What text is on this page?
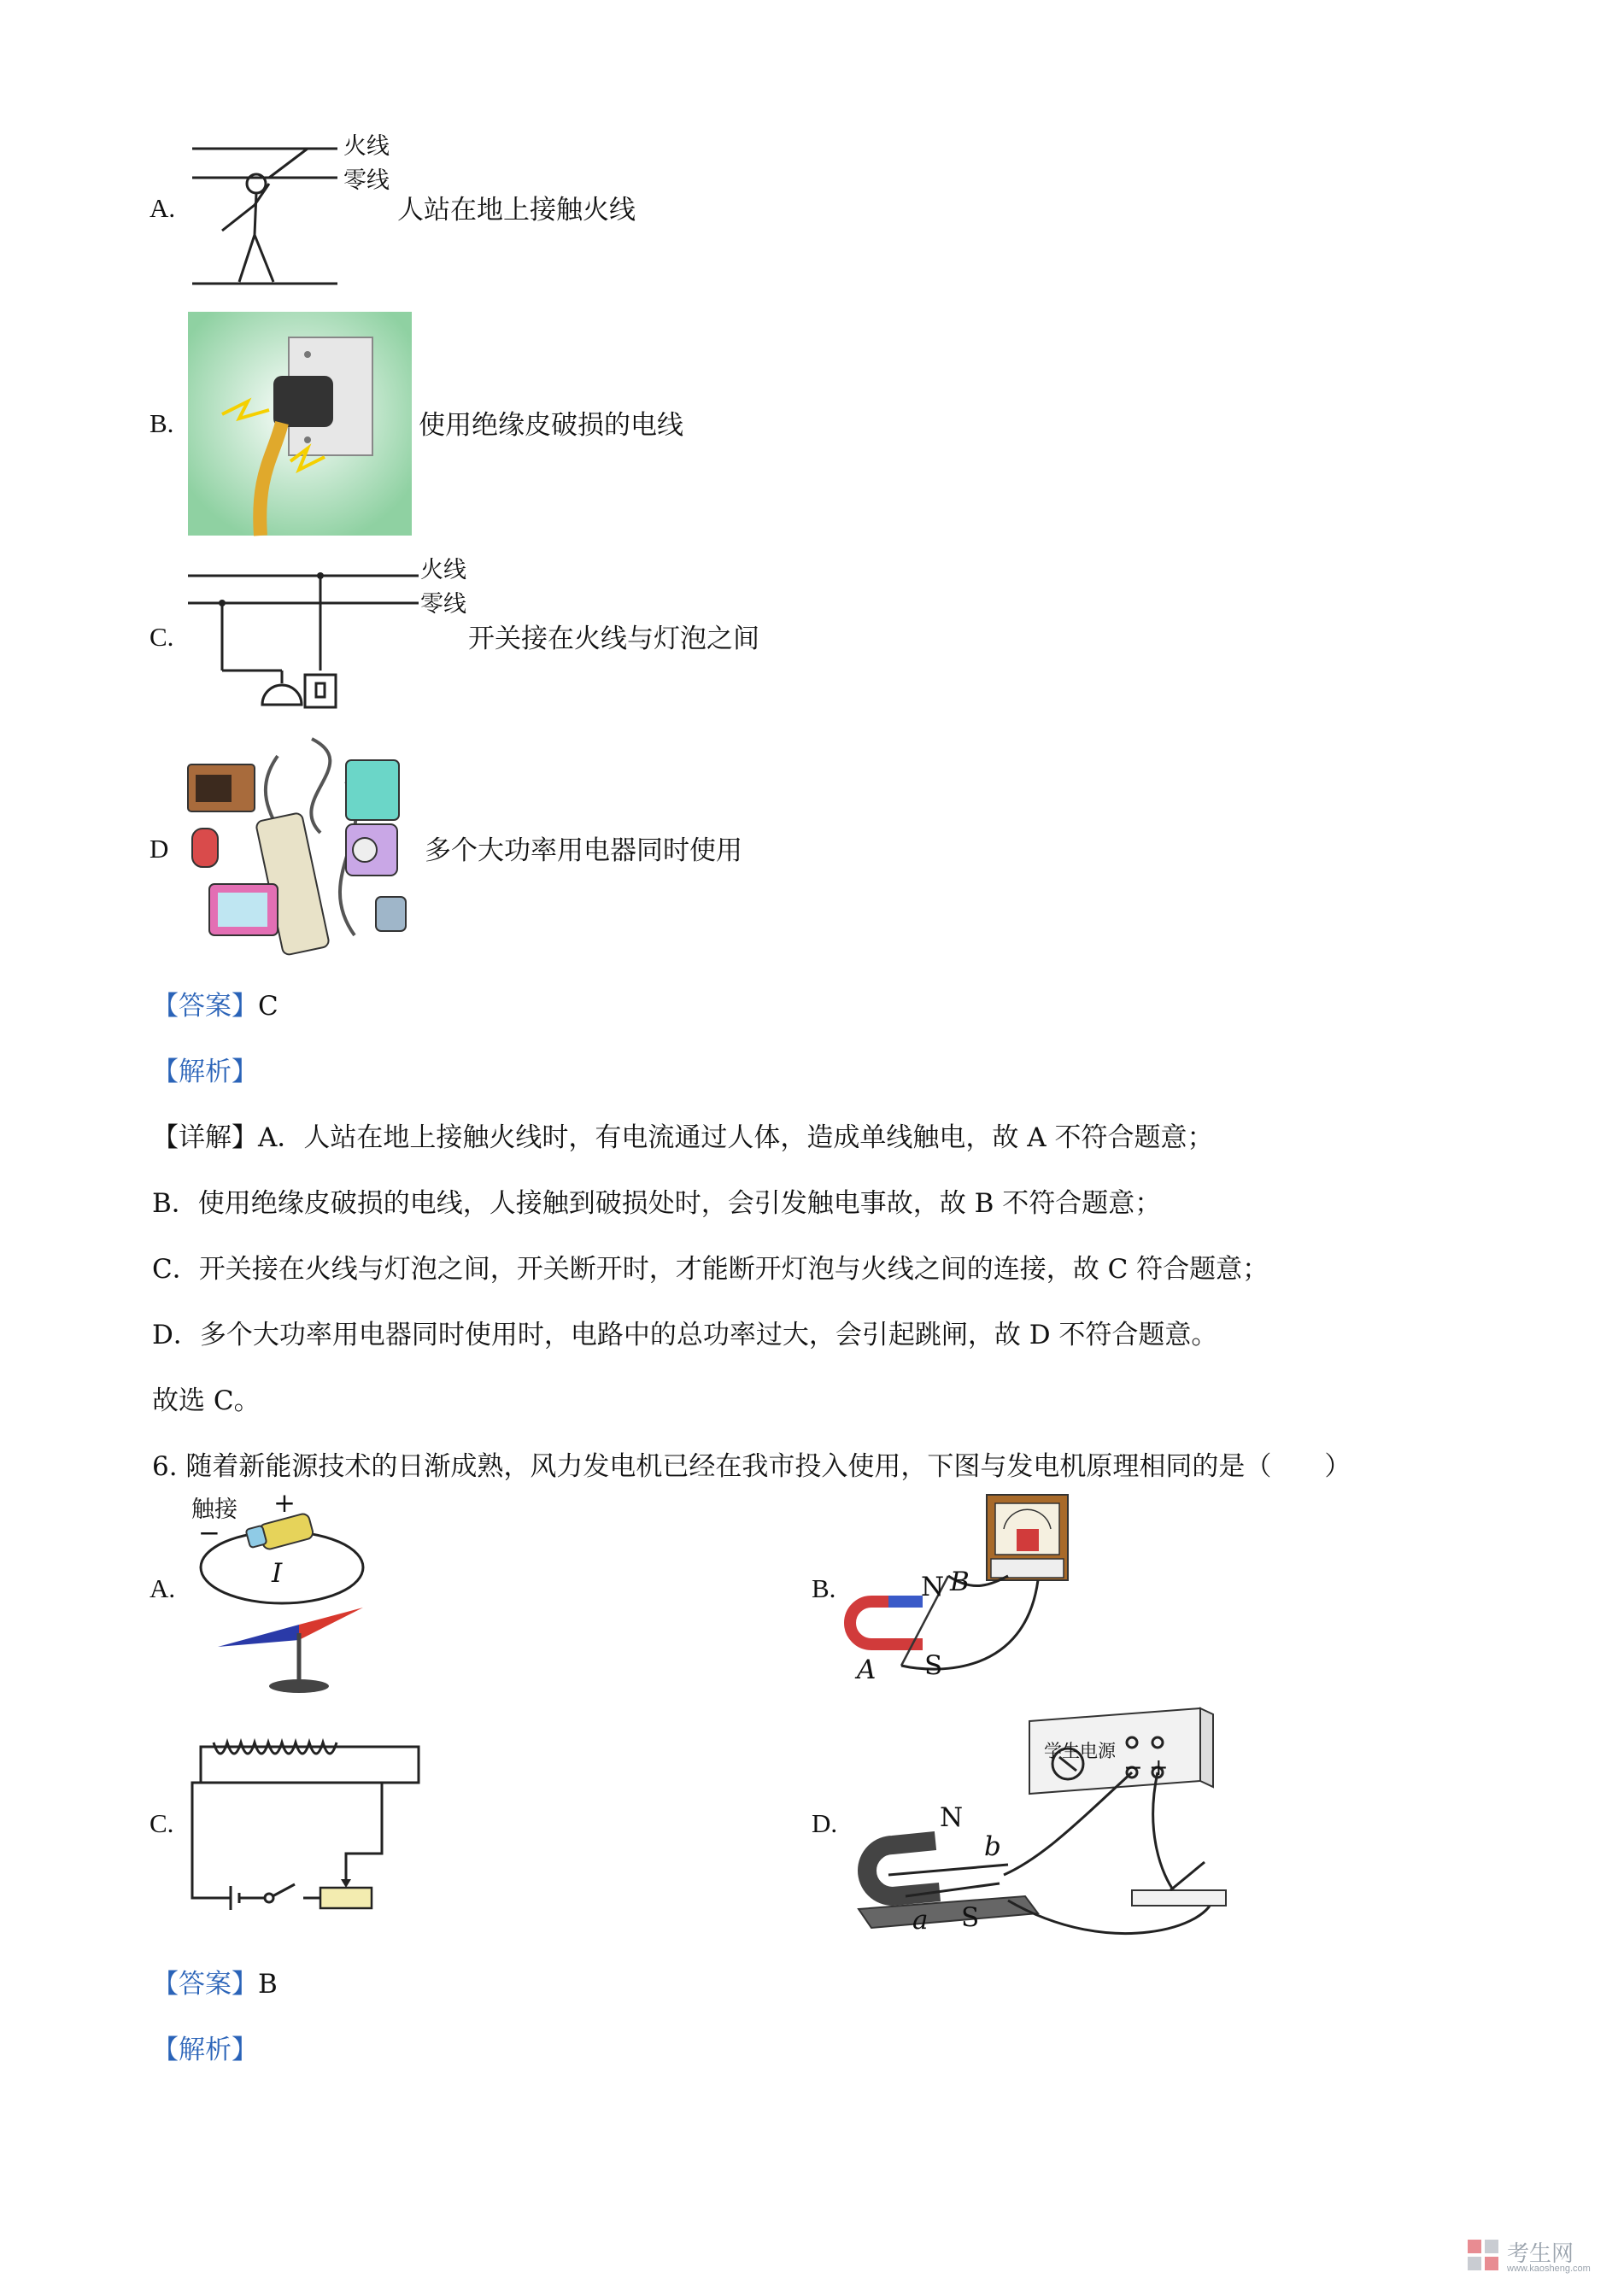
A.
火线
零线
人站在地上接触火线
B.	使用绝缘皮破损的电线
C.
火线
零线
开关接在火线与灯泡之间
D	多个大功率用电器同时使用
【答案】C
【解析】
【详解】A．人站在地上接触火线时，有电流通过人体，造成单线触电，故 A 不符合题意；
B．使用绝缘皮破损的电线，人接触到破损处时，会引发触电事故，故 B 不符合题意；
C．开关接在火线与灯泡之间，开关断开时，才能断开灯泡与火线之间的连接，故 C 符合题意；
D．多个大功率用电器同时使用时，电路中的总功率过大，会引起跳闸，故 D 不符合题意。
故选 C。
6. 随着新能源技术的日渐成熟，风力发电机已经在我市投入使用，下图与发电机原理相同的是（　　）
A.
触接 +
−
I	B.	N
S
A
B
C.	D.
学生电源
N
S
a
b
− +
【答案】B
【解析】
考生网
www.kaosheng.com
